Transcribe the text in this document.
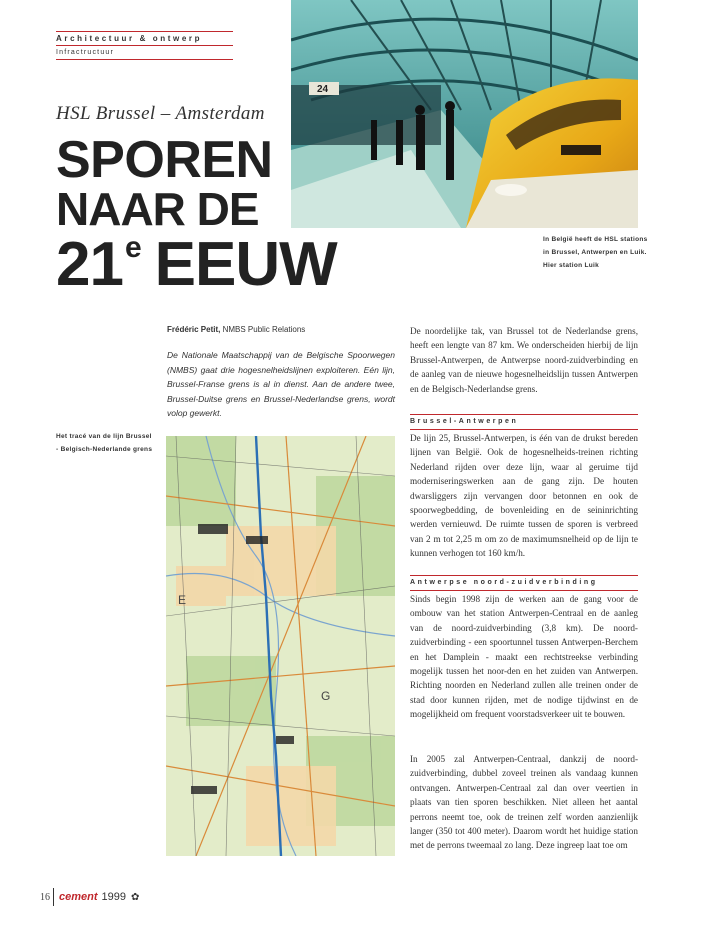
Architectuur & ontwerp
Infractructuur
HSL Brussel – Amsterdam
SPOREN
NAAR DE
21e EEUW
24
In België heeft de HSL stations in Brussel, Antwerpen en Luik. Hier station Luik
Frédéric Petit, NMBS Public Relations

De Nationale Maatschappij van de Belgische Spoorwegen (NMBS) gaat drie hogesnelheidslijnen exploiteren. Eén lijn, Brussel-Franse grens is al in dienst. Aan de andere twee, Brussel-Duitse grens en Brussel-Nederlandse grens, wordt volop gewerkt.

Het tracé van de lijn Brussel - Belgisch-Nederlande grens
E
G

De noordelijke tak, van Brussel tot de Nederlandse grens, heeft een lengte van 87 km. We onderscheiden hierbij de lijn Brussel-Antwerpen, de Antwerpse noord-zuidverbinding en de aanleg van de nieuwe hogesnelheidslijn tussen Antwerpen en de Belgisch-Nederlandse grens.

Brussel-Antwerpen

De lijn 25, Brussel-Antwerpen, is één van de drukst bereden lijnen van België. Ook de hogesnelheids-treinen richting Nederland rijden over deze lijn, waar al geruime tijd moderniseringswerken aan de gang zijn. De houten dwarsliggers zijn vervangen door betonnen en ook de spoorwegbedding, de bovenleiding en de seininrichting werden vernieuwd. De ruimte tussen de sporen is verbreed van 2 m tot 2,25 m om zo de maximumsnelheid op de lijn te kunnen verhogen tot 160 km/h.

Antwerpse noord-zuidverbinding

Sinds begin 1998 zijn de werken aan de gang voor de ombouw van het station Antwerpen-Centraal en de aanleg van de noord-zuidverbinding (3,8 km). De noord-zuidverbinding - een spoortunnel tussen Antwerpen-Berchem en het Damplein - maakt een rechtstreekse verbinding mogelijk tussen het noor-den en het zuiden van Antwerpen. Richting noorden en Nederland zullen alle treinen onder de stad door kunnen rijden, met de nodige tijdwinst en de mogelijkheid om frequent voorstadsverkeer uit te bouwen.

In 2005 zal Antwerpen-Centraal, dankzij de noord-zuidverbinding, dubbel zoveel treinen als vandaag kunnen ontvangen. Antwerpen-Centraal zal dan over veertien in plaats van tien sporen beschikken. Niet alleen het aantal perrons neemt toe, ook de treinen zelf worden aanzienlijk langer (350 tot 400 meter). Daarom wordt het huidige station met de perrons tweemaal zo lang. Deze ingreep laat toe om

16 cement 1999 ✿
